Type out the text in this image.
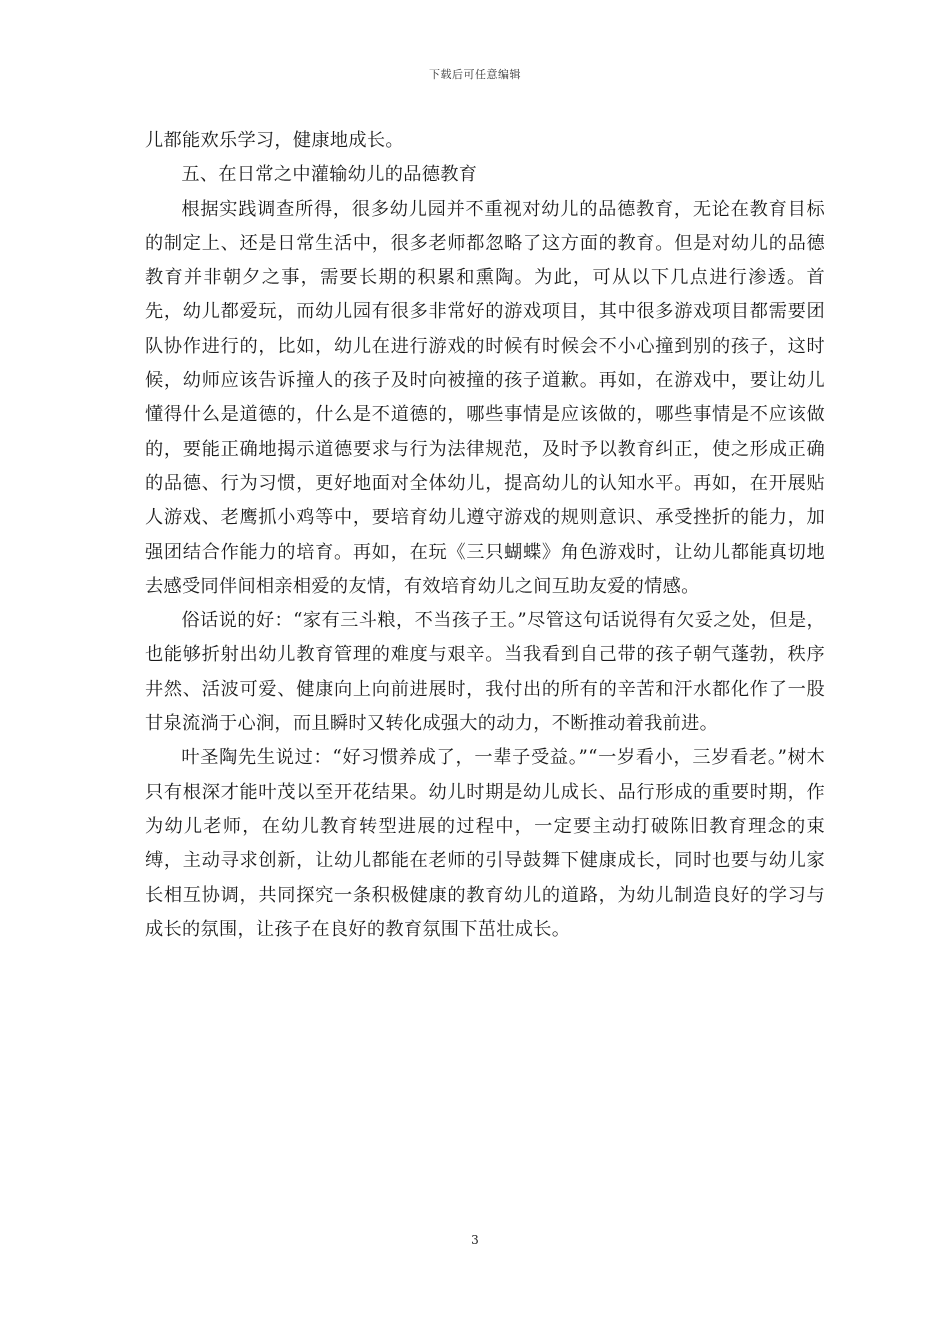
下载后可任意编辑

儿都能欢乐学习，健康地成长。

五、在日常之中灌输幼儿的品德教育

根据实践调查所得，很多幼儿园并不重视对幼儿的品德教育，无论在教育目标的制定上、还是日常生活中，很多老师都忽略了这方面的教育。但是对幼儿的品德教育并非朝夕之事，需要长期的积累和熏陶。为此，可从以下几点进行渗透。首先，幼儿都爱玩，而幼儿园有很多非常好的游戏项目，其中很多游戏项目都需要团队协作进行的，比如，幼儿在进行游戏的时候有时候会不小心撞到别的孩子，这时候，幼师应该告诉撞人的孩子及时向被撞的孩子道歉。再如，在游戏中，要让幼儿懂得什么是道德的，什么是不道德的，哪些事情是应该做的，哪些事情是不应该做的，要能正确地揭示道德要求与行为法律规范，及时予以教育纠正，使之形成正确的品德、行为习惯，更好地面对全体幼儿，提高幼儿的认知水平。再如，在开展贴人游戏、老鹰抓小鸡等中，要培育幼儿遵守游戏的规则意识、承受挫折的能力，加强团结合作能力的培育。再如，在玩《三只蝴蝶》角色游戏时，让幼儿都能真切地去感受同伴间相亲相爱的友情，有效培育幼儿之间互助友爱的情感。

俗话说的好：“家有三斗粮，不当孩子王。”尽管这句话说得有欠妥之处，但是，也能够折射出幼儿教育管理的难度与艰辛。当我看到自己带的孩子朝气蓬勃，秩序井然、活波可爱、健康向上向前进展时，我付出的所有的辛苦和汗水都化作了一股甘泉流淌于心涧，而且瞬时又转化成强大的动力，不断推动着我前进。

叶圣陶先生说过：“好习惯养成了，一辈子受益。”“一岁看小，三岁看老。”树木只有根深才能叶茂以至开花结果。幼儿时期是幼儿成长、品行形成的重要时期，作为幼儿老师，在幼儿教育转型进展的过程中，一定要主动打破陈旧教育理念的束缚，主动寻求创新，让幼儿都能在老师的引导鼓舞下健康成长，同时也要与幼儿家长相互协调，共同探究一条积极健康的教育幼儿的道路，为幼儿制造良好的学习与成长的氛围，让孩子在良好的教育氛围下茁壮成长。

3
